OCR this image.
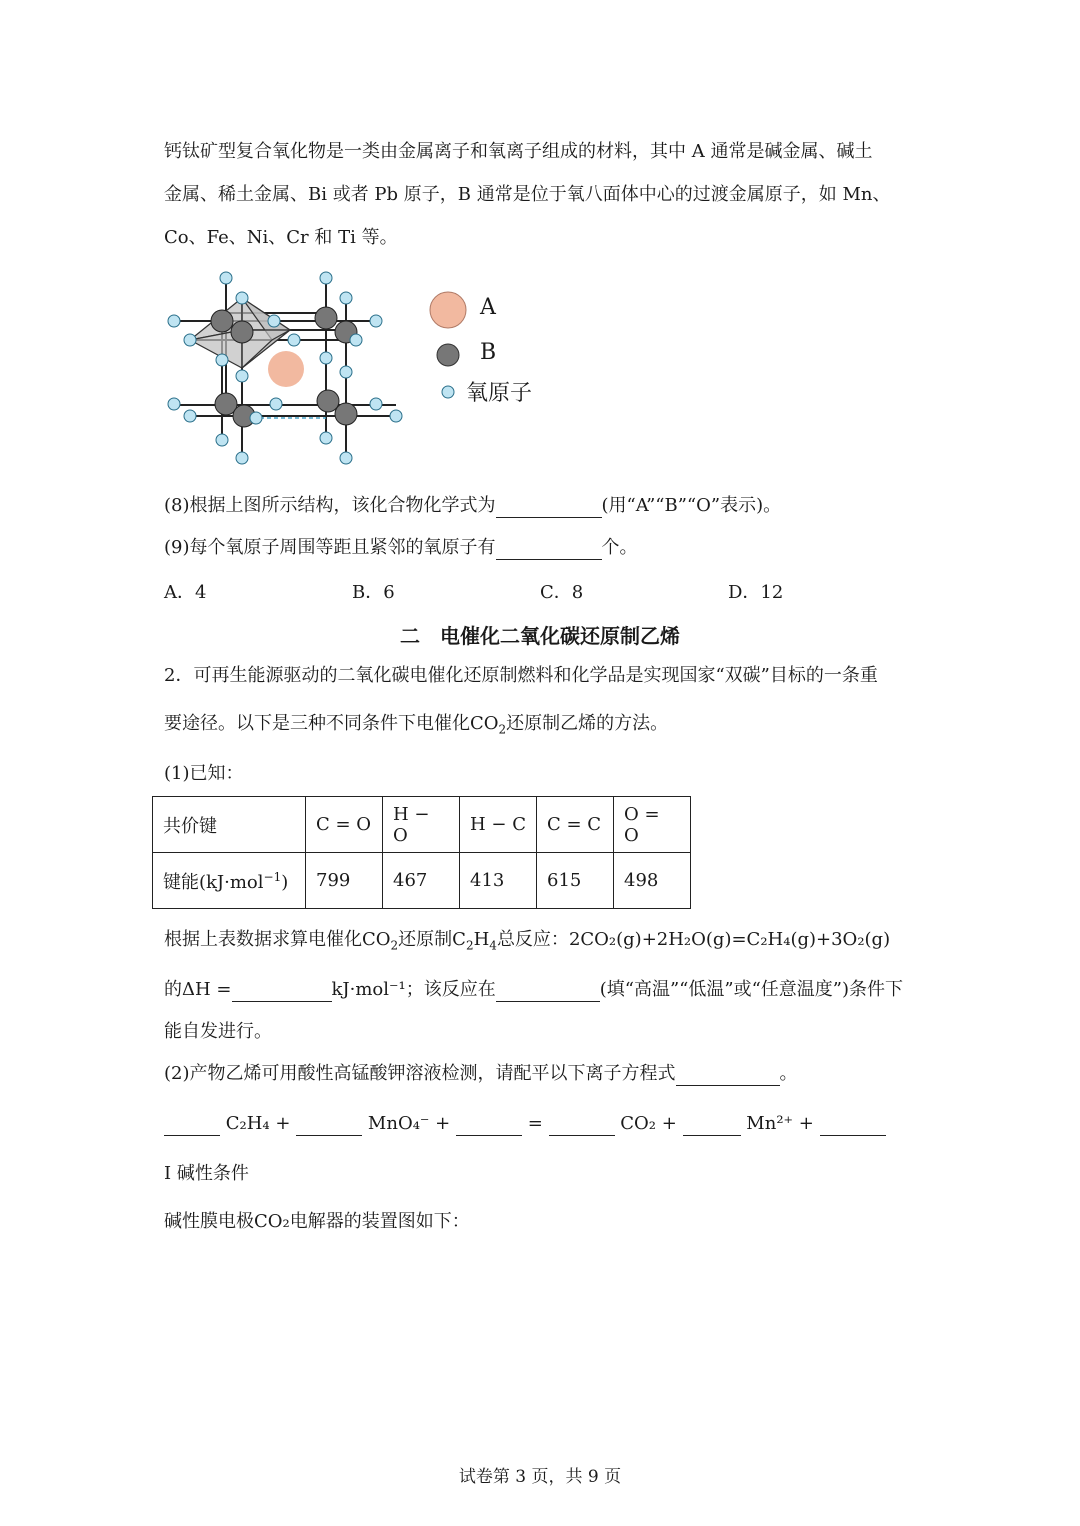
钙钛矿型复合氧化物是一类由金属离子和氧离子组成的材料，其中 A 通常是碱金属、碱土
金属、稀土金属、Bi 或者 Pb 原子，B 通常是位于氧八面体中心的过渡金属原子，如 Mn、
Co、Fe、Ni、Cr 和 Ti 等。
A
B
氧原子
(8)根据上图所示结构，该化合物化学式为	(用“A”“B”“O”表示)。
(9)每个氧原子周围等距且紧邻的氧原子有	个。
A．4	B．6	C．8	D．12
二　电催化二氧化碳还原制乙烯
2．可再生能源驱动的二氧化碳电催化还原制燃料和化学品是实现国家“双碳”目标的一条重
要途径。以下是三种不同条件下电催化$CO_2$还原制乙烯的方法。
(1)已知：
共价键	C = O	H − O	H − C	C = C	O = O
键能(kJ·mol$^{-1}$)	799	467	413	615	498
根据上表数据求算电催化$CO_2$还原制$C_2H_4$总反应：2CO₂(g)+2H₂O(g)=C₂H₄(g)+3O₂(g)
的ΔH =	kJ·mol⁻¹；该反应在	(填“高温”“低温”或“任意温度”)条件下
能自发进行。
(2)产物乙烯可用酸性高锰酸钾溶液检测，请配平以下离子方程式	。
C₂H₄ +	MnO₄⁻ +	=	CO₂ +	Mn²⁺ +
Ⅰ 碱性条件
碱性膜电极CO₂电解器的装置图如下：
试卷第 3 页，共 9 页
